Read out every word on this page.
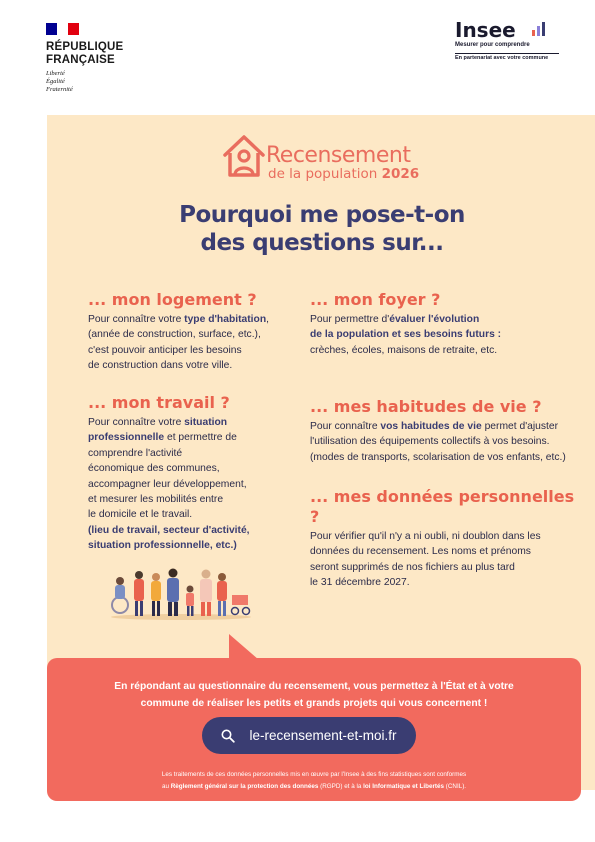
RÉPUBLIQUE
FRANÇAISE
Liberté
Égalité
Fraternité
Insee
Mesurer pour comprendre
En partenariat avec votre commune
Recensement
de la population 2026
Pourquoi me pose-t-on
des questions sur...
... mon logement ?
Pour connaître votre type d'habitation,
(année de construction, surface, etc.),
c'est pouvoir anticiper les besoins
de construction dans votre ville.
... mon foyer ?
Pour permettre d'évaluer l'évolution
de la population et ses besoins futurs :
crèches, écoles, maisons de retraite, etc.
... mon travail ?
Pour connaître votre situation
professionnelle et permettre de
comprendre l'activité
économique des communes,
accompagner leur développement,
et mesurer les mobilités entre
le domicile et le travail.
(lieu de travail, secteur d'activité,
situation professionnelle, etc.)
... mes habitudes de vie ?
Pour connaître vos habitudes de vie permet d'ajuster
l'utilisation des équipements collectifs à vos besoins.
(modes de transports, scolarisation de vos enfants, etc.)
... mes données personnelles ?
Pour vérifier qu'il n'y a ni oubli, ni doublon dans les
données du recensement. Les noms et prénoms
seront supprimés de nos fichiers au plus tard
le 31 décembre 2027.
En répondant au questionnaire du recensement, vous permettez à l'État et à votre
commune de réaliser les petits et grands projets qui vous concernent !
le-recensement-et-moi.fr
Les traitements de ces données personnelles mis en œuvre par l'Insee à des fins statistiques sont conformes
au Règlement général sur la protection des données (RGPD) et à la loi Informatique et Libertés (CNIL).
